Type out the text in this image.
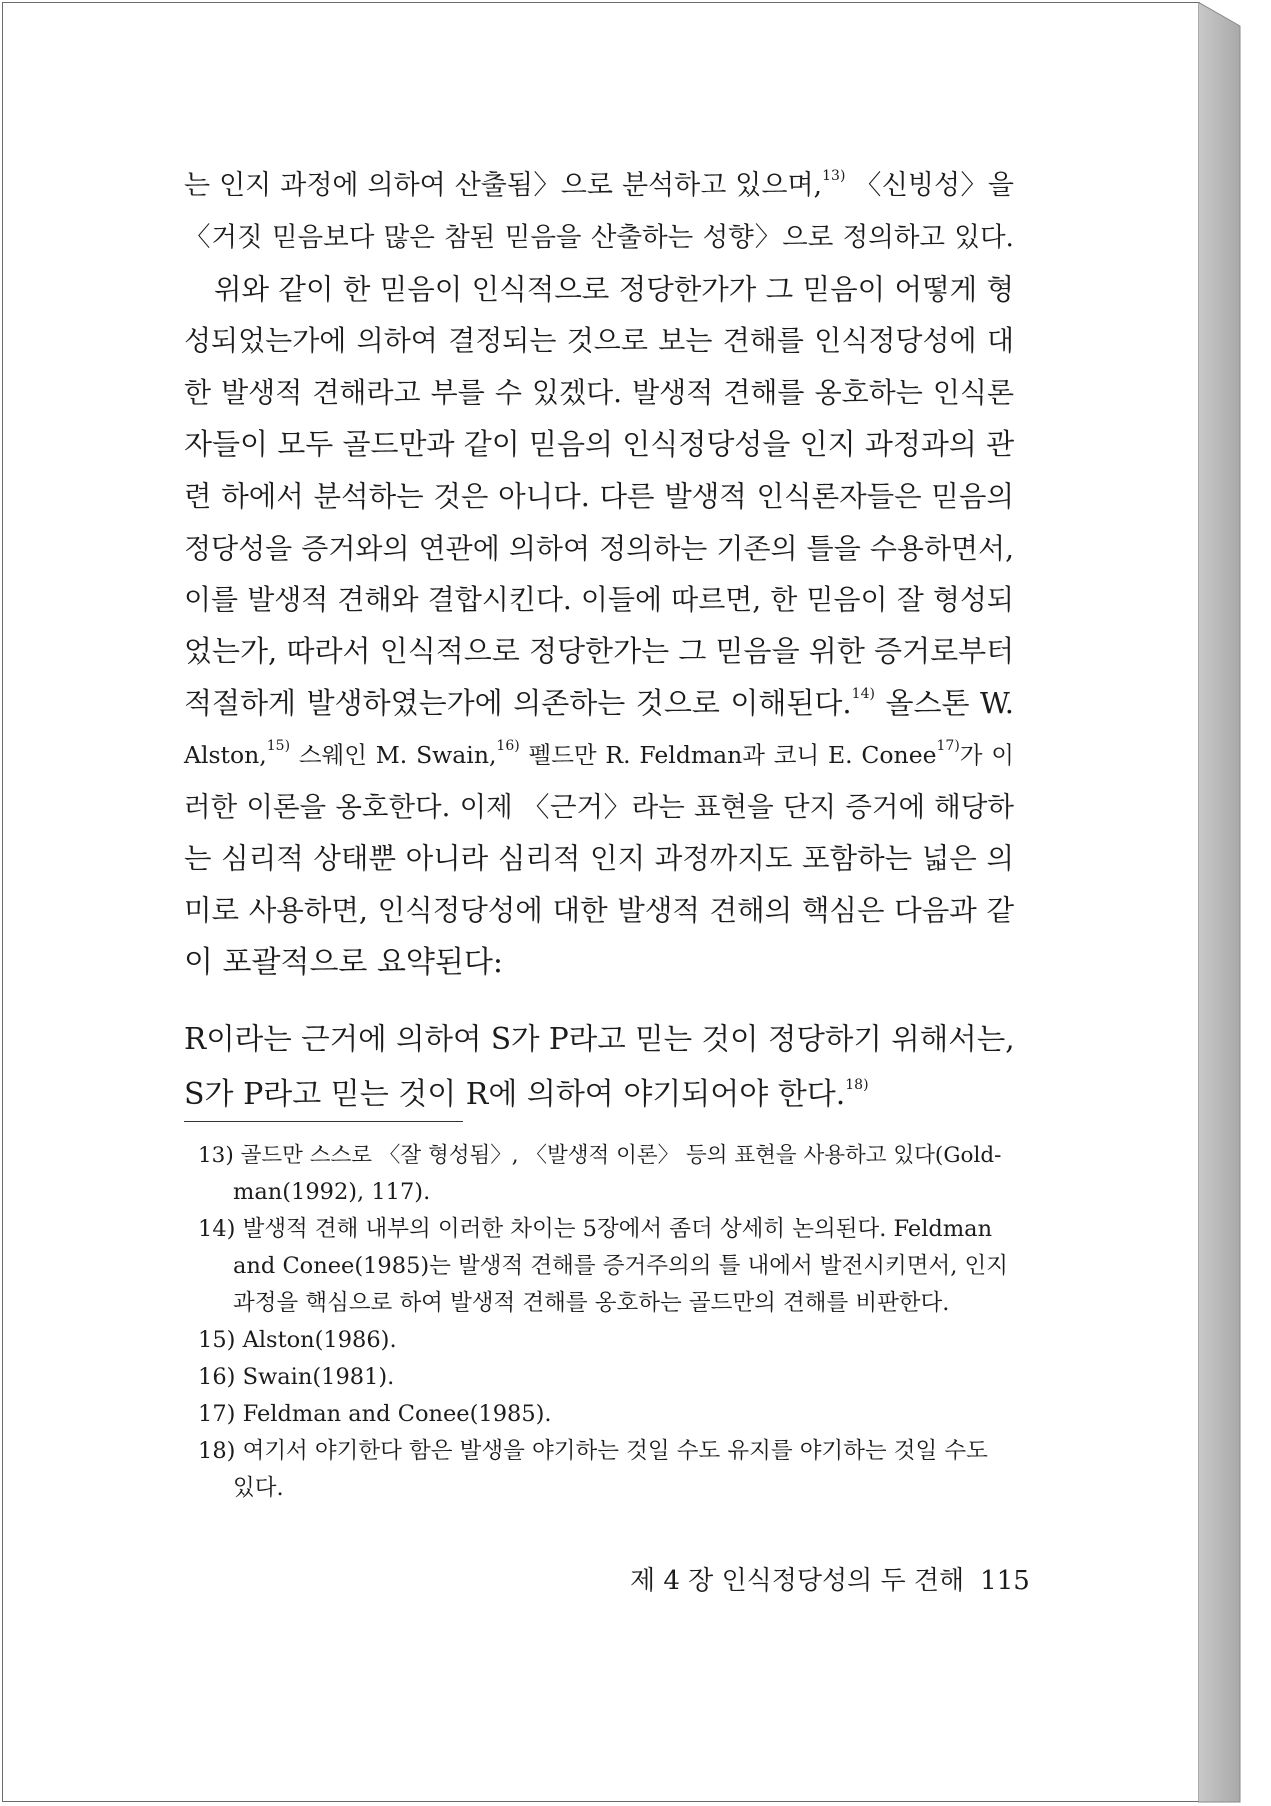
는 인지 과정에 의하여 산출됨〉으로 분석하고 있으며,$^{13)}$ 〈신빙성〉을
〈거짓 믿음보다 많은 참된 믿음을 산출하는 성향〉으로 정의하고 있다.
위와 같이 한 믿음이 인식적으로 정당한가가 그 믿음이 어떻게 형
성되었는가에 의하여 결정되는 것으로 보는 견해를 인식정당성에 대
한 발생적 견해라고 부를 수 있겠다. 발생적 견해를 옹호하는 인식론
자들이 모두 골드만과 같이 믿음의 인식정당성을 인지 과정과의 관
련 하에서 분석하는 것은 아니다. 다른 발생적 인식론자들은 믿음의
정당성을 증거와의 연관에 의하여 정의하는 기존의 틀을 수용하면서,
이를 발생적 견해와 결합시킨다. 이들에 따르면, 한 믿음이 잘 형성되
었는가, 따라서 인식적으로 정당한가는 그 믿음을 위한 증거로부터
적절하게 발생하였는가에 의존하는 것으로 이해된다.$^{14)}$ 올스톤 W.
Alston,$^{15)}$ 스웨인 M. Swain,$^{16)}$ 펠드만 R. Feldman과 코니 E. Conee$^{17)}$가 이
러한 이론을 옹호한다. 이제 〈근거〉라는 표현을 단지 증거에 해당하
는 심리적 상태뿐 아니라 심리적 인지 과정까지도 포함하는 넓은 의
미로 사용하면, 인식정당성에 대한 발생적 견해의 핵심은 다음과 같
이 포괄적으로 요약된다:
R이라는 근거에 의하여 S가 P라고 믿는 것이 정당하기 위해서는,
S가 P라고 믿는 것이 R에 의하여 야기되어야 한다.$^{18)}$
13) 골드만 스스로 〈잘 형성됨〉, 〈발생적 이론〉 등의 표현을 사용하고 있다(Gold-
man(1992), 117).
14) 발생적 견해 내부의 이러한 차이는 5장에서 좀더 상세히 논의된다. Feldman
and Conee(1985)는 발생적 견해를 증거주의의 틀 내에서 발전시키면서, 인지
과정을 핵심으로 하여 발생적 견해를 옹호하는 골드만의 견해를 비판한다.
15) Alston(1986).
16) Swain(1981).
17) Feldman and Conee(1985).
18) 여기서 야기한다 함은 발생을 야기하는 것일 수도 유지를 야기하는 것일 수도
있다.
제 4 장 인식정당성의 두 견해 115
